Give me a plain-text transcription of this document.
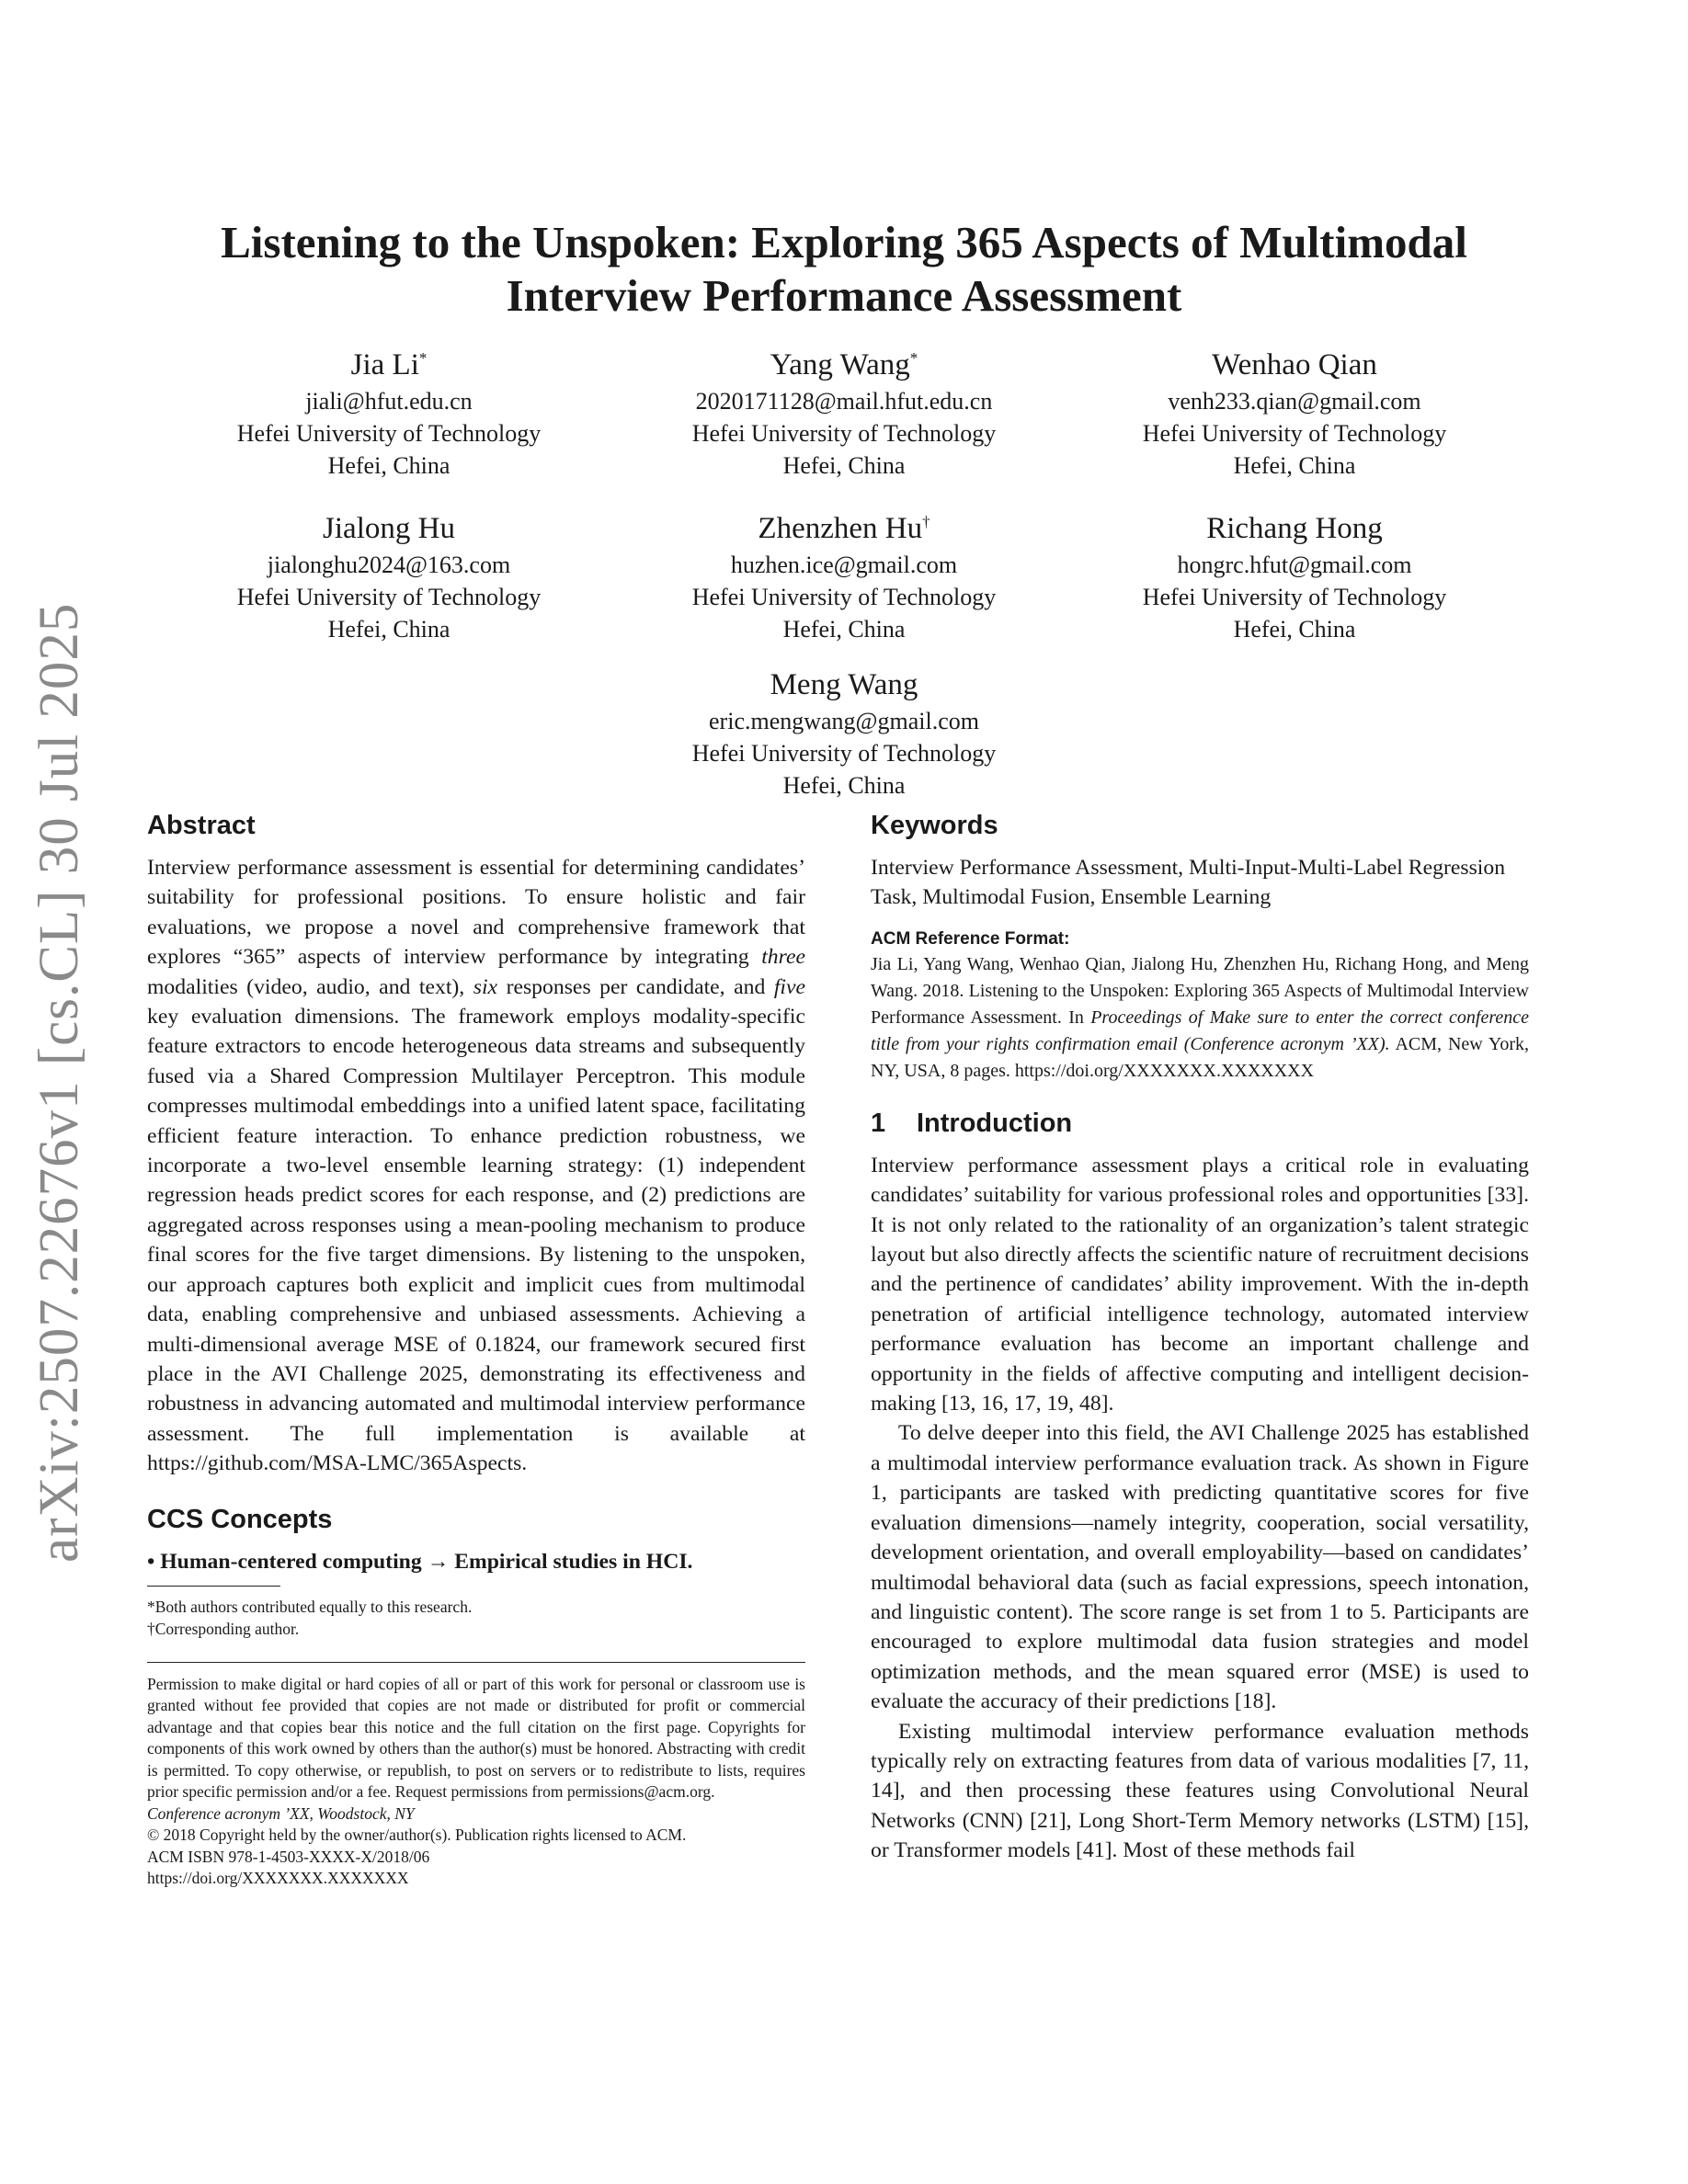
arXiv:2507.22676v1 [cs.CL] 30 Jul 2025
Listening to the Unspoken: Exploring 365 Aspects of Multimodal
Interview Performance Assessment
Jia Li*
jiali@hfut.edu.cn
Hefei University of Technology
Hefei, China
Yang Wang*
2020171128@mail.hfut.edu.cn
Hefei University of Technology
Hefei, China
Wenhao Qian
venh233.qian@gmail.com
Hefei University of Technology
Hefei, China
Jialong Hu
jialonghu2024@163.com
Hefei University of Technology
Hefei, China
Zhenzhen Hu†
huzhen.ice@gmail.com
Hefei University of Technology
Hefei, China
Richang Hong
hongrc.hfut@gmail.com
Hefei University of Technology
Hefei, China
Meng Wang
eric.mengwang@gmail.com
Hefei University of Technology
Hefei, China
Abstract

Interview performance assessment is essential for determining candidates’ suitability for professional positions. To ensure holistic and fair evaluations, we propose a novel and comprehensive framework that explores “365” aspects of interview performance by integrating three modalities (video, audio, and text), six responses per candidate, and five key evaluation dimensions. The framework employs modality-specific feature extractors to encode heterogeneous data streams and subsequently fused via a Shared Compression Multilayer Perceptron. This module compresses multimodal embeddings into a unified latent space, facilitating efficient feature interaction. To enhance prediction robustness, we incorporate a two-level ensemble learning strategy: (1) independent regression heads predict scores for each response, and (2) predictions are aggregated across responses using a mean-pooling mechanism to produce final scores for the five target dimensions. By listening to the unspoken, our approach captures both explicit and implicit cues from multimodal data, enabling comprehensive and unbiased assessments. Achieving a multi-dimensional average MSE of 0.1824, our framework secured first place in the AVI Challenge 2025, demonstrating its effectiveness and robustness in advancing automated and multimodal interview performance assessment. The full implementation is available at https://github.com/MSA-LMC/365Aspects.

CCS Concepts
• Human-centered computing → Empirical studies in HCI.
*Both authors contributed equally to this research.
†Corresponding author.

Permission to make digital or hard copies of all or part of this work for personal or classroom use is granted without fee provided that copies are not made or distributed for profit or commercial advantage and that copies bear this notice and the full citation on the first page. Copyrights for components of this work owned by others than the author(s) must be honored. Abstracting with credit is permitted. To copy otherwise, or republish, to post on servers or to redistribute to lists, requires prior specific permission and/or a fee. Request permissions from permissions@acm.org.

Conference acronym ’XX, Woodstock, NY
© 2018 Copyright held by the owner/author(s). Publication rights licensed to ACM.
ACM ISBN 978-1-4503-XXXX-X/2018/06
https://doi.org/XXXXXXX.XXXXXXX
Keywords

Interview Performance Assessment, Multi-Input-Multi-Label Regression Task, Multimodal Fusion, Ensemble Learning

ACM Reference Format:

Jia Li, Yang Wang, Wenhao Qian, Jialong Hu, Zhenzhen Hu, Richang Hong, and Meng Wang. 2018. Listening to the Unspoken: Exploring 365 Aspects of Multimodal Interview Performance Assessment. In Proceedings of Make sure to enter the correct conference title from your rights confirmation email (Conference acronym ’XX). ACM, New York, NY, USA, 8 pages. https://doi.org/XXXXXXX.XXXXXXX

1 Introduction

Interview performance assessment plays a critical role in evaluating candidates’ suitability for various professional roles and opportunities [33]. It is not only related to the rationality of an organization’s talent strategic layout but also directly affects the scientific nature of recruitment decisions and the pertinence of candidates’ ability improvement. With the in-depth penetration of artificial intelligence technology, automated interview performance evaluation has become an important challenge and opportunity in the fields of affective computing and intelligent decision-making [13, 16, 17, 19, 48].

To delve deeper into this field, the AVI Challenge 2025 has established a multimodal interview performance evaluation track. As shown in Figure 1, participants are tasked with predicting quantitative scores for five evaluation dimensions—namely integrity, cooperation, social versatility, development orientation, and overall employability—based on candidates’ multimodal behavioral data (such as facial expressions, speech intonation, and linguistic content). The score range is set from 1 to 5. Participants are encouraged to explore multimodal data fusion strategies and model optimization methods, and the mean squared error (MSE) is used to evaluate the accuracy of their predictions [18].

Existing multimodal interview performance evaluation methods typically rely on extracting features from data of various modalities [7, 11, 14], and then processing these features using Convolutional Neural Networks (CNN) [21], Long Short-Term Memory networks (LSTM) [15], or Transformer models [41]. Most of these methods fail
